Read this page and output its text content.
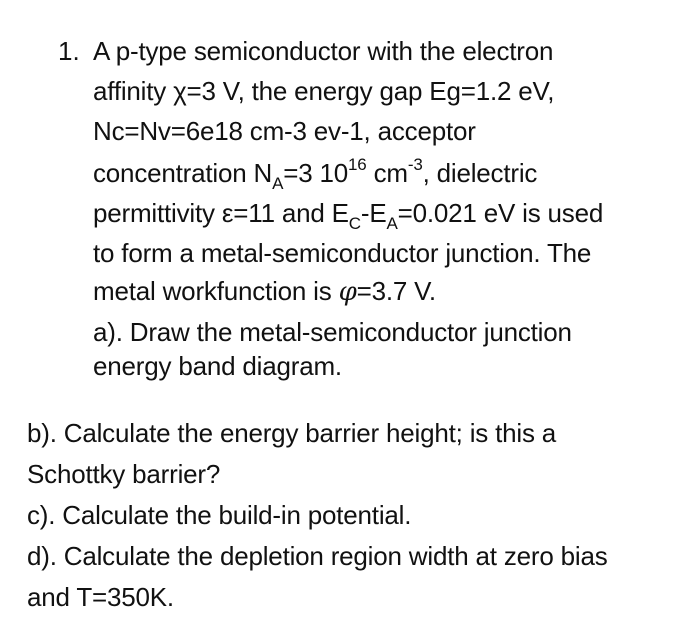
1. A p-type semiconductor with the electron
affinity χ=3 V, the energy gap Eg=1.2 eV,
Nc=Nv=6e18 cm-3 ev-1, acceptor
concentration $N_A=3$ $10^{16}$ $cm^{-3}$, dielectric
permittivity ε=11 and $E_C-E_A=0.021$ eV is used
to form a metal-semiconductor junction. The
metal workfunction is φ=3.7 V.
a). Draw the metal-semiconductor junction
energy band diagram.
b). Calculate the energy barrier height; is this a
Schottky barrier?
c). Calculate the build-in potential.
d). Calculate the depletion region width at zero bias
and T=350K.
